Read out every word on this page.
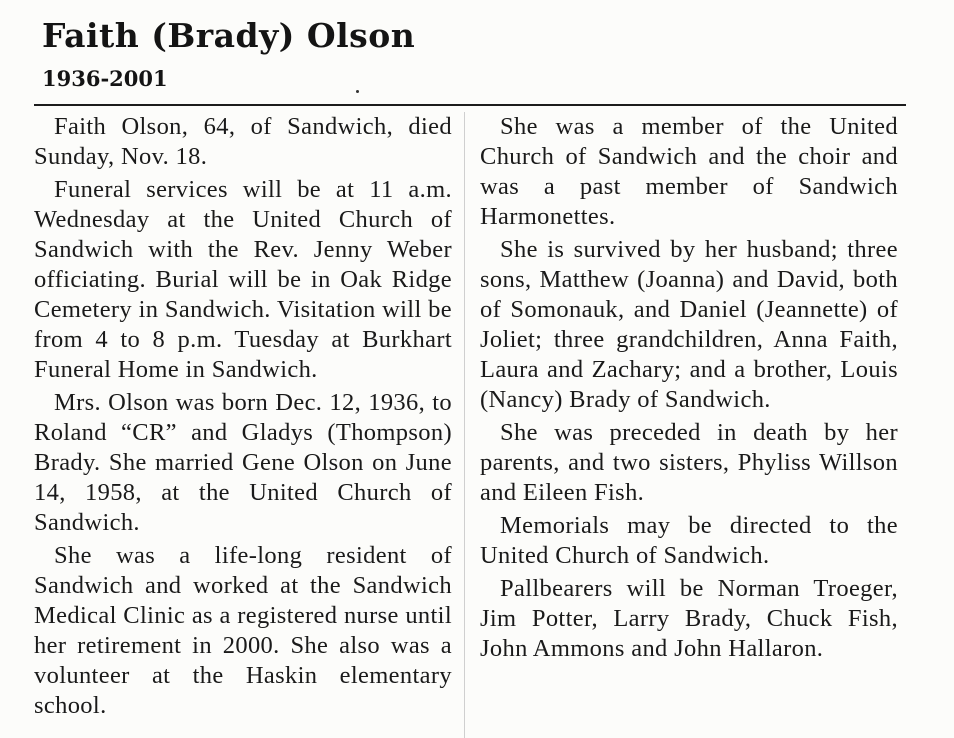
Faith (Brady) Olson
1936-2001

Faith Olson, 64, of Sandwich, died Sunday, Nov. 18.

Funeral services will be at 11 a.m. Wednesday at the United Church of Sandwich with the Rev. Jenny Weber officiating. Burial will be in Oak Ridge Cemetery in Sandwich. Visitation will be from 4 to 8 p.m. Tuesday at Burkhart Funeral Home in Sandwich.

Mrs. Olson was born Dec. 12, 1936, to Roland “CR” and Gladys (Thompson) Brady. She married Gene Olson on June 14, 1958, at the United Church of Sandwich.

She was a life-long resident of Sandwich and worked at the Sandwich Medical Clinic as a registered nurse until her retirement in 2000. She also was a volunteer at the Haskin elementary school.

She was a member of the United Church of Sandwich and the choir and was a past member of Sandwich Harmonettes.

She is survived by her husband; three sons, Matthew (Joanna) and David, both of Somonauk, and Daniel (Jeannette) of Joliet; three grandchildren, Anna Faith, Laura and Zachary; and a brother, Louis (Nancy) Brady of Sandwich.

She was preceded in death by her parents, and two sisters, Phyliss Willson and Eileen Fish.

Memorials may be directed to the United Church of Sandwich.

Pallbearers will be Norman Troeger, Jim Potter, Larry Brady, Chuck Fish, John Ammons and John Hallaron.
